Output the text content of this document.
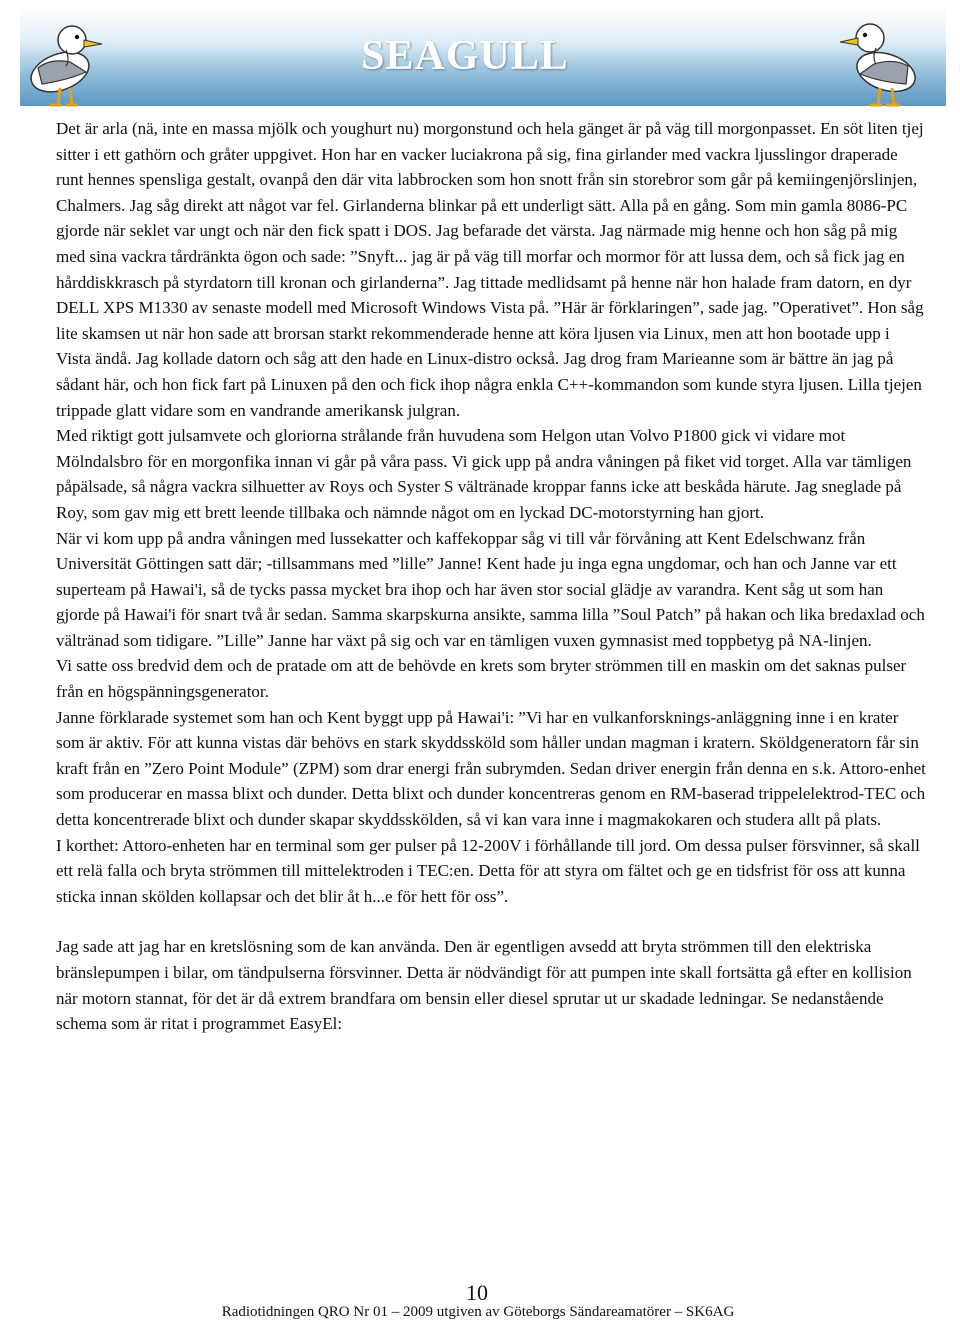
SEAGULL

Det är arla (nä, inte en massa mjölk och youghurt nu) morgonstund och hela gänget är på väg till morgonpasset. En söt liten tjej sitter i ett gathörn och gråter uppgivet. Hon har en vacker luciakrona på sig, fina girlander med vackra ljusslingor draperade runt hennes spensliga gestalt, ovanpå den där vita labbrocken som hon snott från sin storebror som går på kemiingenjörslinjen, Chalmers. Jag såg direkt att något var fel. Girlanderna blinkar på ett underligt sätt. Alla på en gång. Som min gamla 8086-PC gjorde när seklet var ungt och när den fick spatt i DOS. Jag befarade det värsta. Jag närmade mig henne och hon såg på mig med sina vackra tårdränkta ögon och sade: ”Snyft... jag är på väg till morfar och mormor för att lussa dem, och så fick jag en hårddiskkrasch på styrdatorn till kronan och girlanderna”. Jag tittade medlidsamt på henne när hon halade fram datorn, en dyr DELL XPS M1330 av senaste modell med Microsoft Windows Vista på. ”Här är förklaringen”, sade jag. ”Operativet”. Hon såg lite skamsen ut när hon sade att brorsan starkt rekommenderade henne att köra ljusen via Linux, men att hon bootade upp i Vista ändå. Jag kollade datorn och såg att den hade en Linux-distro också. Jag drog fram Marieanne som är bättre än jag på sådant här, och hon fick fart på Linuxen på den och fick ihop några enkla C++-kommandon som kunde styra ljusen. Lilla tjejen trippade glatt vidare som en vandrande amerikansk julgran.

Med riktigt gott julsamvete och gloriorna strålande från huvudena som Helgon utan Volvo P1800 gick vi vidare mot Mölndalsbro för en morgonfika innan vi går på våra pass. Vi gick upp på andra våningen på fiket vid torget. Alla var tämligen påpälsade, så några vackra silhuetter av Roys och Syster S vältränade kroppar fanns icke att beskåda härute. Jag sneglade på Roy, som gav mig ett brett leende tillbaka och nämnde något om en lyckad DC-motorstyrning han gjort.

När vi kom upp på andra våningen med lussekatter och kaffekoppar såg vi till vår förvåning att Kent Edelschwanz från Universität Göttingen satt där; -tillsammans med ”lille” Janne! Kent hade ju inga egna ungdomar, och han och Janne var ett superteam på Hawai'i, så de tycks passa mycket bra ihop och har även stor social glädje av varandra. Kent såg ut som han gjorde på Hawai'i för snart två år sedan. Samma skarpskurna ansikte, samma lilla ”Soul Patch” på hakan och lika bredaxlad och vältränad som tidigare. ”Lille” Janne har växt på sig och var en tämligen vuxen gymnasist med toppbetyg på NA-linjen.

Vi satte oss bredvid dem och de pratade om att de behövde en krets som bryter strömmen till en maskin om det saknas pulser från en högspänningsgenerator.

Janne förklarade systemet som han och Kent byggt upp på Hawai'i: ”Vi har en vulkanforsknings-anläggning inne i en krater som är aktiv. För att kunna vistas där behövs en stark skyddssköld som håller undan magman i kratern. Sköldgeneratorn får sin kraft från en ”Zero Point Module” (ZPM) som drar energi från subrymden. Sedan driver energin från denna en s.k. Attoro-enhet som producerar en massa blixt och dunder. Detta blixt och dunder koncentreras genom en RM-baserad trippelelektrod-TEC och detta koncentrerade blixt och dunder skapar skyddsskölden, så vi kan vara inne i magmakokaren och studera allt på plats.

I korthet: Attoro-enheten har en terminal som ger pulser på 12-200V i förhållande till jord. Om dessa pulser försvinner, så skall ett relä falla och bryta strömmen till mittelektroden i TEC:en. Detta för att styra om fältet och ge en tidsfrist för oss att kunna sticka innan skölden kollapsar och det blir åt h...e för hett för oss”.

Jag sade att jag har en kretslösning som de kan använda. Den är egentligen avsedd att bryta strömmen till den elektriska bränslepumpen i bilar, om tändpulserna försvinner. Detta är nödvändigt för att pumpen inte skall fortsätta gå efter en kollision när motorn stannat, för det är då extrem brandfara om bensin eller diesel sprutar ut ur skadade ledningar. Se nedanstående schema som är ritat i programmet EasyEl:

10
Radiotidningen QRO Nr 01 – 2009 utgiven av Göteborgs Sändareamatörer – SK6AG
